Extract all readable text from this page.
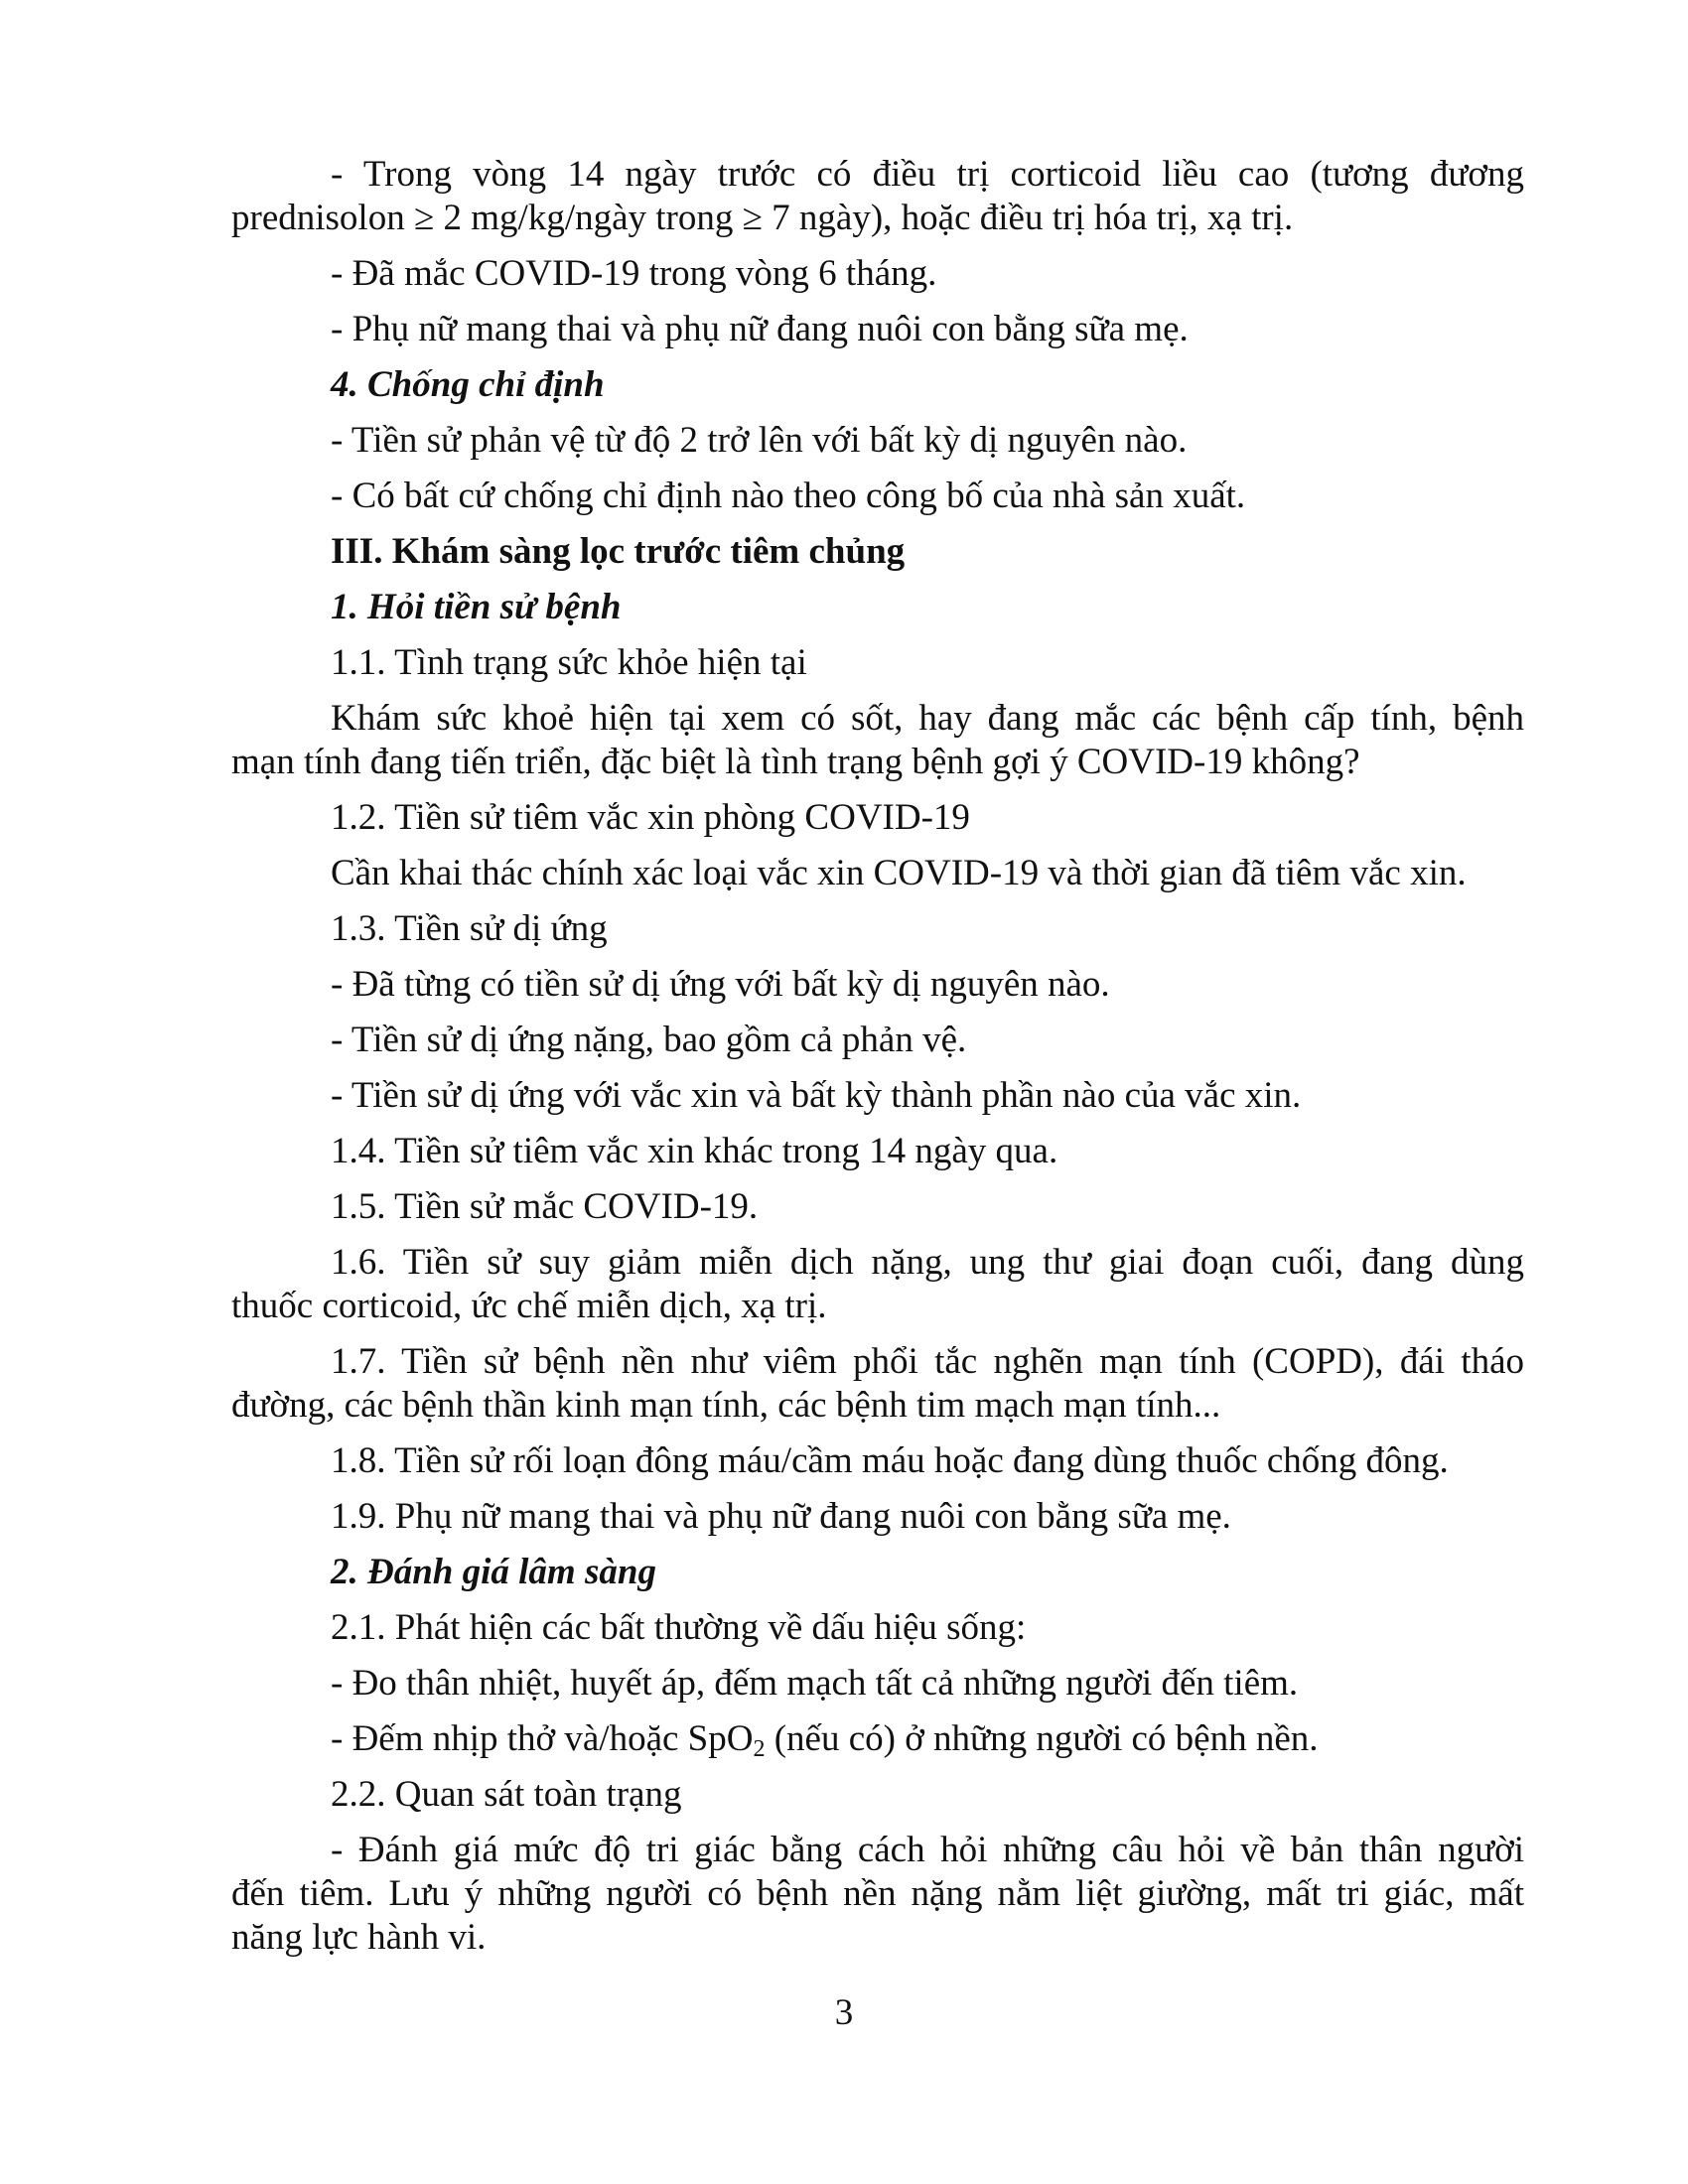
- Trong vòng 14 ngày trước có điều trị corticoid liều cao (tương đương
prednisolon ≥ 2 mg/kg/ngày trong ≥ 7 ngày), hoặc điều trị hóa trị, xạ trị.
- Đã mắc COVID-19 trong vòng 6 tháng.
- Phụ nữ mang thai và phụ nữ đang nuôi con bằng sữa mẹ.
4. Chống chỉ định
- Tiền sử phản vệ từ độ 2 trở lên với bất kỳ dị nguyên nào.
- Có bất cứ chống chỉ định nào theo công bố của nhà sản xuất.
III. Khám sàng lọc trước tiêm chủng
1. Hỏi tiền sử bệnh
1.1. Tình trạng sức khỏe hiện tại
Khám sức khoẻ hiện tại xem có sốt, hay đang mắc các bệnh cấp tính, bệnh
mạn tính đang tiến triển, đặc biệt là tình trạng bệnh gợi ý COVID-19 không?
1.2. Tiền sử tiêm vắc xin phòng COVID-19
Cần khai thác chính xác loại vắc xin COVID-19 và thời gian đã tiêm vắc xin.
1.3. Tiền sử dị ứng
- Đã từng có tiền sử dị ứng với bất kỳ dị nguyên nào.
- Tiền sử dị ứng nặng, bao gồm cả phản vệ.
- Tiền sử dị ứng với vắc xin và bất kỳ thành phần nào của vắc xin.
1.4. Tiền sử tiêm vắc xin khác trong 14 ngày qua.
1.5. Tiền sử mắc COVID-19.
1.6. Tiền sử suy giảm miễn dịch nặng, ung thư giai đoạn cuối, đang dùng
thuốc corticoid, ức chế miễn dịch, xạ trị.
1.7. Tiền sử bệnh nền như viêm phổi tắc nghẽn mạn tính (COPD), đái tháo
đường, các bệnh thần kinh mạn tính, các bệnh tim mạch mạn tính...
1.8. Tiền sử rối loạn đông máu/cầm máu hoặc đang dùng thuốc chống đông.
1.9. Phụ nữ mang thai và phụ nữ đang nuôi con bằng sữa mẹ.
2. Đánh giá lâm sàng
2.1. Phát hiện các bất thường về dấu hiệu sống:
- Đo thân nhiệt, huyết áp, đếm mạch tất cả những người đến tiêm.
- Đếm nhịp thở và/hoặc SpO$_2$ (nếu có) ở những người có bệnh nền.
2.2. Quan sát toàn trạng
- Đánh giá mức độ tri giác bằng cách hỏi những câu hỏi về bản thân người
đến tiêm. Lưu ý những người có bệnh nền nặng nằm liệt giường, mất tri giác, mất
năng lực hành vi.
3
